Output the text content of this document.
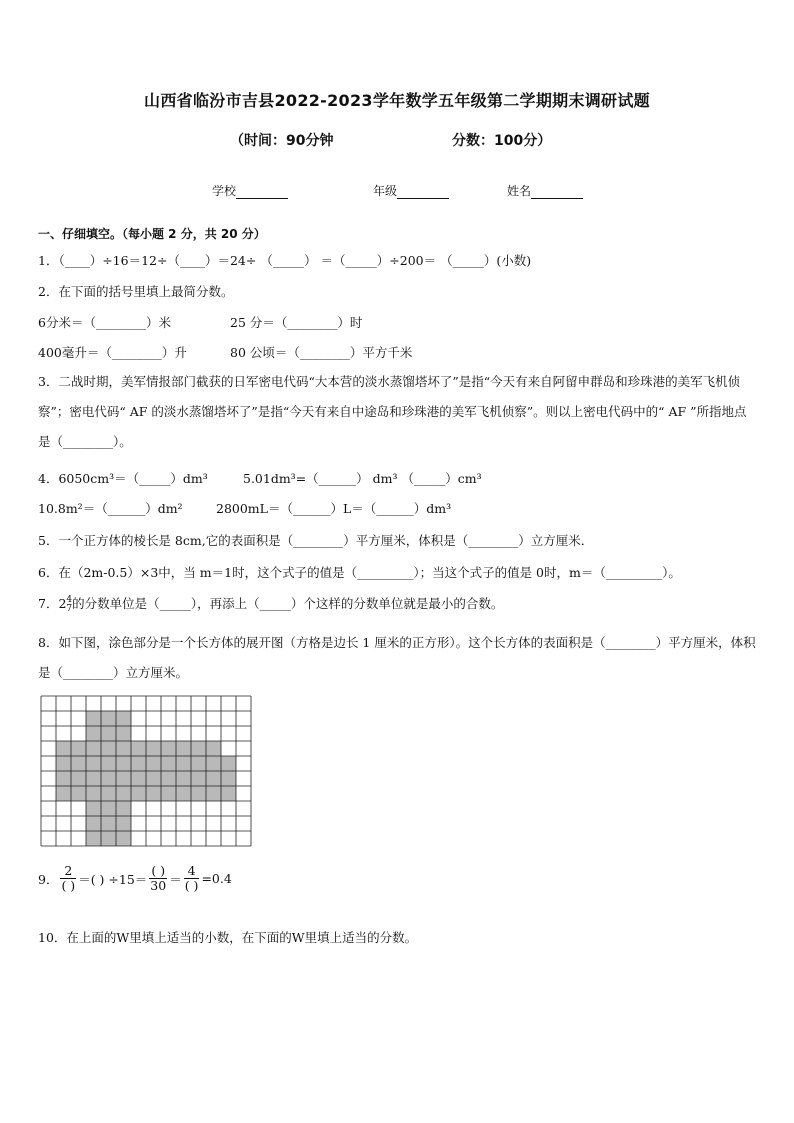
山西省临汾市吉县2022-2023学年数学五年级第二学期期末调研试题
（时间：90分钟	分数：100分）
学校	年级	姓名
一、仔细填空。（每小题 2 分，共 20 分）
1．（____）÷16＝12÷（____）＝24÷ （_____） ＝（_____）÷200＝ （_____）(小数)
2．在下面的括号里填上最简分数。
6分米＝（________）米	25 分＝（________）时
400毫升＝（________）升	80 公顷＝（________）平方千米
3．二战时期，美军情报部门截获的日军密电代码“大本营的淡水蒸馏塔坏了”是指“今天有来自阿留申群岛和珍珠港的美军飞机侦察”；密电代码“ AF 的淡水蒸馏塔坏了”是指“今天有来自中途岛和珍珠港的美军飞机侦察”。则以上密电代码中的“ AF ”所指地点是（________）。
4．6050cm³＝（_____）dm³	5.01dm³=（______） dm³ （_____）cm³
10.8m²＝（______）dm²	2800mL＝（______）L＝（______）dm³
5．一个正方体的棱长是 8cm,它的表面积是（________）平方厘米，体积是（________）立方厘米．
6．在（2m-0.5）×3中，当 m＝1时，这个式子的值是（_________）；当这个式子的值是 0时，m＝（_________）。
7．2 4
7 的分数单位是（_____），再添上（_____）个这样的分数单位就是最小的合数。
8．如下图，涂色部分是一个长方体的展开图（方格是边长 1 厘米的正方形）。这个长方体的表面积是（________）平方厘米，体积是（________）立方厘米。
9． $\frac{2}{( )}$ ＝( ) $\div 15= \frac{( )}{30} = \frac{4}{( )} =0.4$
10．在上面的W里填上适当的小数，在下面的W里填上适当的分数。
